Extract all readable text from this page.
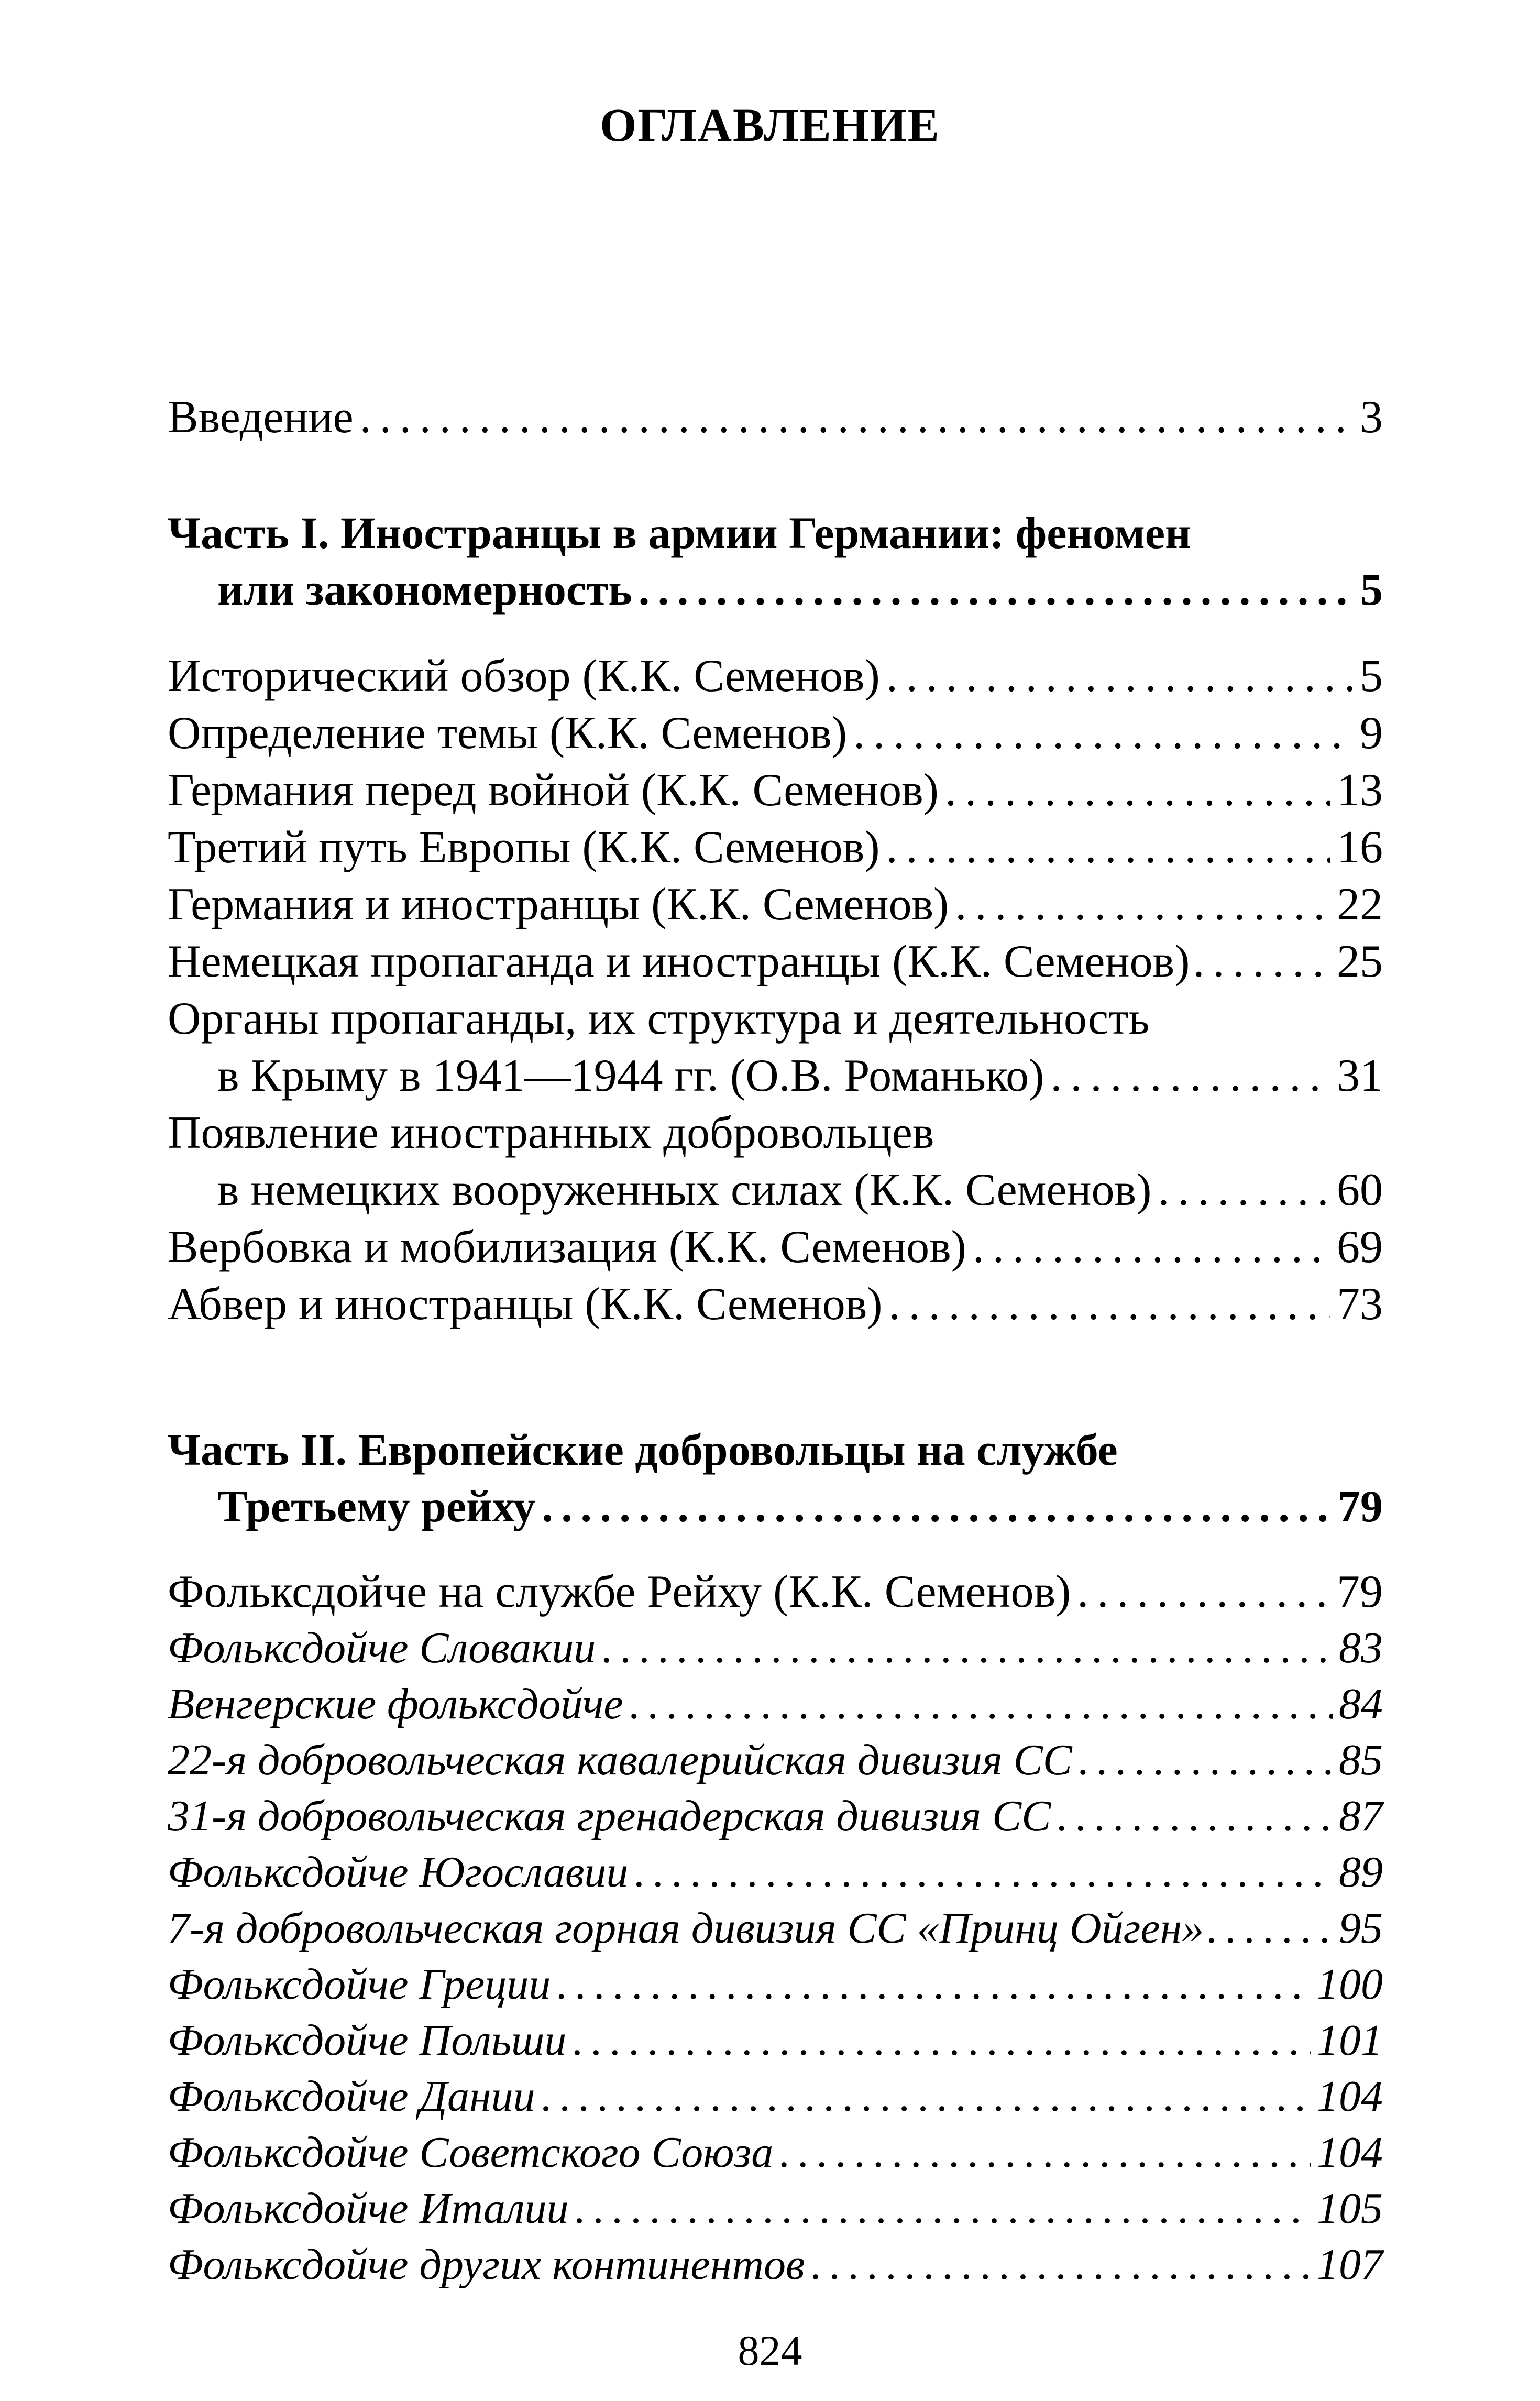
ОГЛАВЛЕНИЕ
Введение . . .	3
Часть I. Иностранцы в армии Германии: феномен
или закономерность . . .	5
Исторический обзор (К.К. Семенов) . . .	5
Определение темы (К.К. Семенов) . . .	9
Германия перед войной (К.К. Семенов) . . .	13
Третий путь Европы (К.К. Семенов) . . .	16
Германия и иностранцы (К.К. Семенов) . . .	22
Немецкая пропаганда и иностранцы (К.К. Семенов) . . .	25
Органы пропаганды, их структура и деятельность
в Крыму в 1941—1944 гг. (О.В. Романько) . . .	31
Появление иностранных добровольцев
в немецких вооруженных силах (К.К. Семенов) . . .	60
Вербовка и мобилизация (К.К. Семенов) . . .	69
Абвер и иностранцы (К.К. Семенов) . . .	73
Часть II. Европейские добровольцы на службе
Третьему рейху . . .	79
Фольксдойче на службе Рейху (К.К. Семенов) . . .	79
Фольксдойче Словакии . . .	83
Венгерские фольксдойче . . .	84
22-я добровольческая кавалерийская дивизия СС . . .	85
31-я добровольческая гренадерская дивизия СС . . .	87
Фольксдойче Югославии . . .	89
7-я добровольческая горная дивизия СС «Принц Ойген» . . .	95
Фольксдойче Греции . . .	100
Фольксдойче Польши . . .	101
Фольксдойче Дании . . .	104
Фольксдойче Советского Союза . . .	104
Фольксдойче Италии . . .	105
Фольксдойче других континентов . . .	107
824
